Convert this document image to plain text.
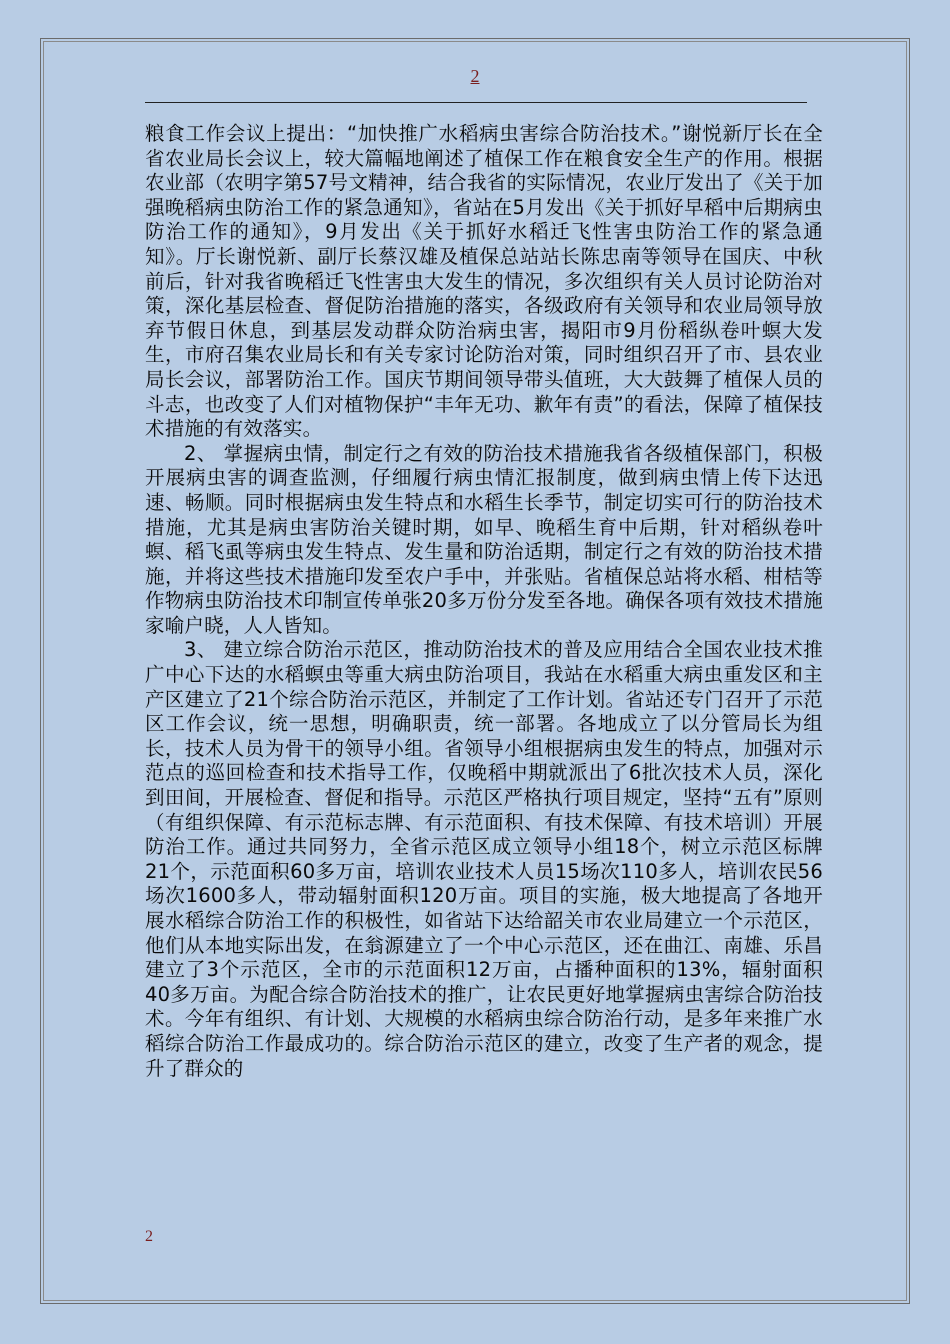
2

粮食工作会议上提出：“加快推广水稻病虫害综合防治技术。”谢悦新厅长在全省农业局长会议上，较大篇幅地阐述了植保工作在粮食安全生产的作用。根据农业部（农明字第57号文精神，结合我省的实际情况，农业厅发出了《关于加强晚稻病虫防治工作的紧急通知》，省站在5月发出《关于抓好早稻中后期病虫防治工作的通知》，9月发出《关于抓好水稻迁飞性害虫防治工作的紧急通知》。厅长谢悦新、副厅长蔡汉雄及植保总站站长陈忠南等领导在国庆、中秋前后，针对我省晚稻迁飞性害虫大发生的情况，多次组织有关人员讨论防治对策，深化基层检查、督促防治措施的落实，各级政府有关领导和农业局领导放弃节假日休息，到基层发动群众防治病虫害，揭阳市9月份稻纵卷叶螟大发生，市府召集农业局长和有关专家讨论防治对策，同时组织召开了市、县农业局长会议，部署防治工作。国庆节期间领导带头值班，大大鼓舞了植保人员的斗志，也改变了人们对植物保护“丰年无功、歉年有责”的看法，保障了植保技术措施的有效落实。

2、 掌握病虫情，制定行之有效的防治技术措施我省各级植保部门，积极开展病虫害的调查监测，仔细履行病虫情汇报制度，做到病虫情上传下达迅速、畅顺。同时根据病虫发生特点和水稻生长季节，制定切实可行的防治技术措施，尤其是病虫害防治关键时期，如早、晚稻生育中后期，针对稻纵卷叶螟、稻飞虱等病虫发生特点、发生量和防治适期，制定行之有效的防治技术措施，并将这些技术措施印发至农户手中，并张贴。省植保总站将水稻、柑桔等作物病虫防治技术印制宣传单张20多万份分发至各地。确保各项有效技术措施家喻户晓，人人皆知。

3、 建立综合防治示范区，推动防治技术的普及应用结合全国农业技术推广中心下达的水稻螟虫等重大病虫防治项目，我站在水稻重大病虫重发区和主产区建立了21个综合防治示范区，并制定了工作计划。省站还专门召开了示范区工作会议，统一思想，明确职责，统一部署。各地成立了以分管局长为组长，技术人员为骨干的领导小组。省领导小组根据病虫发生的特点，加强对示范点的巡回检查和技术指导工作，仅晚稻中期就派出了6批次技术人员，深化到田间，开展检查、督促和指导。示范区严格执行项目规定，坚持“五有”原则（有组织保障、有示范标志牌、有示范面积、有技术保障、有技术培训）开展防治工作。通过共同努力，全省示范区成立领导小组18个，树立示范区标牌21个，示范面积60多万亩，培训农业技术人员15场次110多人，培训农民56场次1600多人，带动辐射面积120万亩。项目的实施，极大地提高了各地开展水稻综合防治工作的积极性，如省站下达给韶关市农业局建立一个示范区，他们从本地实际出发，在翁源建立了一个中心示范区，还在曲江、南雄、乐昌建立了3个示范区，全市的示范面积12万亩，占播种面积的13%，辐射面积40多万亩。为配合综合防治技术的推广，让农民更好地掌握病虫害综合防治技术。今年有组织、有计划、大规模的水稻病虫综合防治行动，是多年来推广水稻综合防治工作最成功的。综合防治示范区的建立，改变了生产者的观念，提升了群众的

2
